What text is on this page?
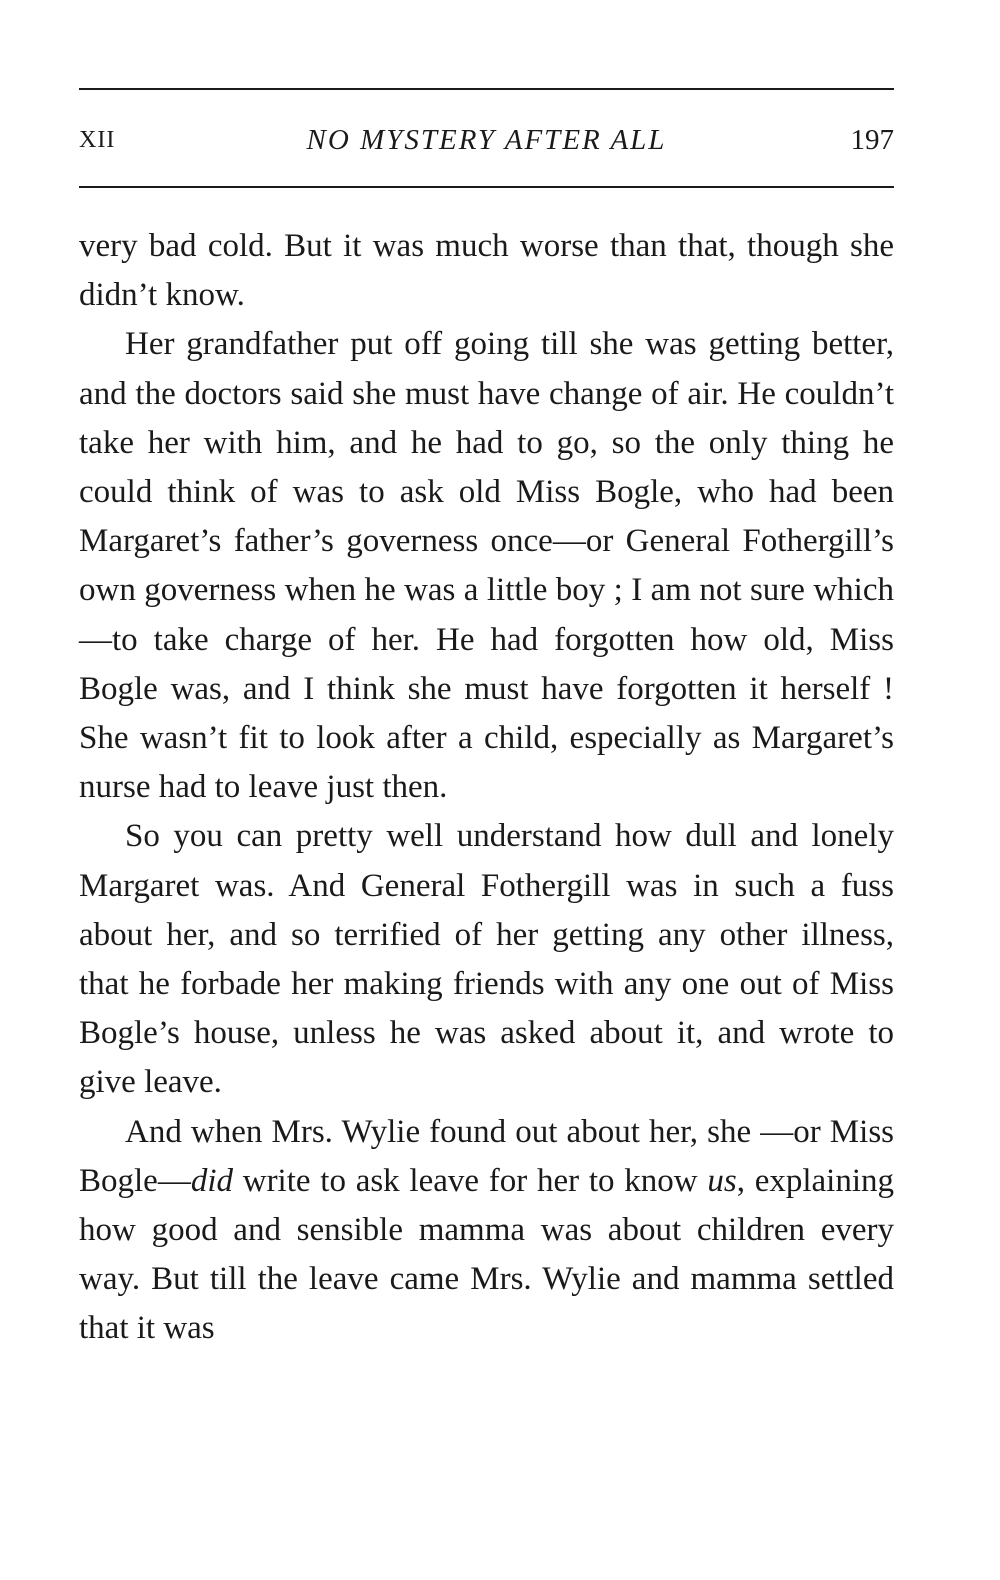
XII	NO MYSTERY AFTER ALL	197

very bad cold. But it was much worse than that, though she didn’t know.

Her grandfather put off going till she was getting better, and the doctors said she must have change of air. He couldn’t take her with him, and he had to go, so the only thing he could think of was to ask old Miss Bogle, who had been Margaret’s father’s governess once—or General Fothergill’s own governess when he was a little boy ; I am not sure which —to take charge of her. He had forgotten how old, Miss Bogle was, and I think she must have forgotten it herself ! She wasn’t fit to look after a child, especially as Margaret’s nurse had to leave just then.

So you can pretty well understand how dull and lonely Margaret was. And General Fothergill was in such a fuss about her, and so terrified of her getting any other illness, that he forbade her making friends with any one out of Miss Bogle’s house, unless he was asked about it, and wrote to give leave.

And when Mrs. Wylie found out about her, she —or Miss Bogle—did write to ask leave for her to know us, explaining how good and sensible mamma was about children every way. But till the leave came Mrs. Wylie and mamma settled that it was
